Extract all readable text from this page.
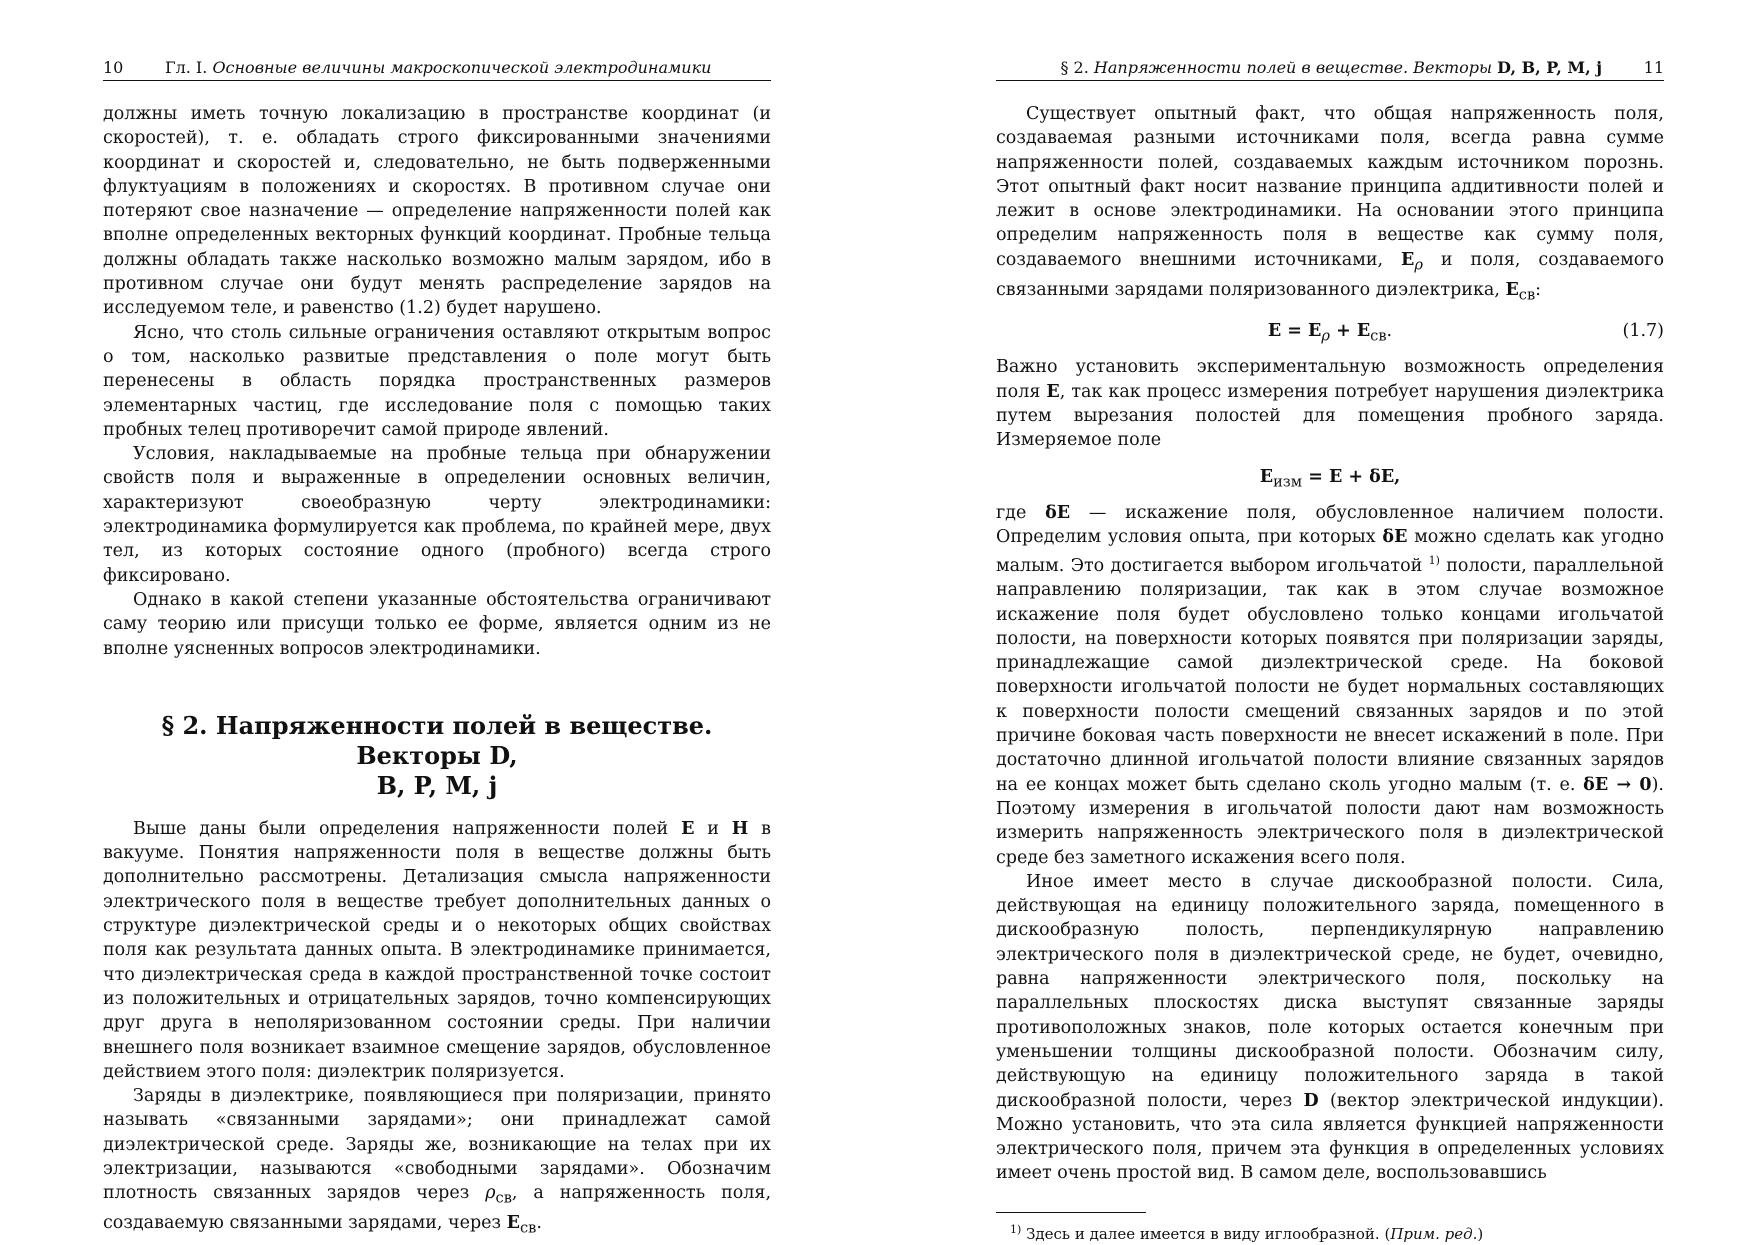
10	Гл. I. Основные величины макроскопической электродинамики

должны иметь точную локализацию в пространстве координат (и скоростей), т. е. обладать строго фиксированными значениями координат и скоростей и, следовательно, не быть подверженными флуктуациям в положениях и скоростях. В противном случае они потеряют свое назначение — определение напряженности полей как вполне определенных векторных функций координат. Пробные тельца должны обладать также насколько возможно малым зарядом, ибо в противном случае они будут менять распределение зарядов на исследуемом теле, и равенство (1.2) будет нарушено.

Ясно, что столь сильные ограничения оставляют открытым вопрос о том, насколько развитые представления о поле могут быть перенесены в область порядка пространственных размеров элементарных частиц, где исследование поля с помощью таких пробных телец противоречит самой природе явлений.

Условия, накладываемые на пробные тельца при обнаружении свойств поля и выраженные в определении основных величин, характеризуют своеобразную черту электродинамики: электродинамика формулируется как проблема, по крайней мере, двух тел, из которых состояние одного (пробного) всегда строго фиксировано.

Однако в какой степени указанные обстоятельства ограничивают саму теорию или присущи только ее форме, является одним из не вполне уясненных вопросов электродинамики.

§ 2. Напряженности полей в веществе. Векторы D,
B, P, M, j

Выше даны были определения напряженности полей E и H в вакууме. Понятия напряженности поля в веществе должны быть дополнительно рассмотрены. Детализация смысла напряженности электрического поля в веществе требует дополнительных данных о структуре диэлектрической среды и о некоторых общих свойствах поля как результата данных опыта. В электродинамике принимается, что диэлектрическая среда в каждой пространственной точке состоит из положительных и отрицательных зарядов, точно компенсирующих друг друга в неполяризованном состоянии среды. При наличии внешнего поля возникает взаимное смещение зарядов, обусловленное действием этого поля: диэлектрик поляризуется.

Заряды в диэлектрике, появляющиеся при поляризации, принято называть «связанными зарядами»; они принадлежат самой диэлектрической среде. Заряды же, возникающие на телах при их электризации, называются «свободными зарядами». Обозначим плотность связанных зарядов через $\rho_{св}$, а напряженность поля, создаваемую связанными зарядами, через $E_{св}$.

§ 2. Напряженности полей в веществе. Векторы D, B, P, M, j	11

Существует опытный факт, что общая напряженность поля, создаваемая разными источниками поля, всегда равна сумме напряженности полей, создаваемых каждым источником порознь. Этот опытный факт носит название принципа аддитивности полей и лежит в основе электродинамики. На основании этого принципа определим напряженность поля в веществе как сумму поля, создаваемого внешними источниками, $E_\rho$ и поля, создаваемого связанными зарядами поляризованного диэлектрика, $E_{св}$:

$E = E_\rho + E_{св}$.	(1.7)

Важно установить экспериментальную возможность определения поля E, так как процесс измерения потребует нарушения диэлектрика путем вырезания полостей для помещения пробного заряда. Измеряемое поле

$E_{изм} = E + \delta E$,

где δE — искажение поля, обусловленное наличием полости. Определим условия опыта, при которых δE можно сделать как угодно малым. Это достигается выбором игольчатой $^{1)}$ полости, параллельной направлению поляризации, так как в этом случае возможное искажение поля будет обусловлено только концами игольчатой полости, на поверхности которых появятся при поляризации заряды, принадлежащие самой диэлектрической среде. На боковой поверхности игольчатой полости не будет нормальных составляющих к поверхности полости смещений связанных зарядов и по этой причине боковая часть поверхности не внесет искажений в поле. При достаточно длинной игольчатой полости влияние связанных зарядов на ее концах может быть сделано сколь угодно малым (т. е. δE → 0). Поэтому измерения в игольчатой полости дают нам возможность измерить напряженность электрического поля в диэлектрической среде без заметного искажения всего поля.

Иное имеет место в случае дискообразной полости. Сила, действующая на единицу положительного заряда, помещенного в дискообразную полость, перпендикулярную направлению электрического поля в диэлектрической среде, не будет, очевидно, равна напряженности электрического поля, поскольку на параллельных плоскостях диска выступят связанные заряды противоположных знаков, поле которых остается конечным при уменьшении толщины дискообразной полости. Обозначим силу, действующую на единицу положительного заряда в такой дискообразной полости, через D (вектор электрической индукции). Можно установить, что эта сила является функцией напряженности электрического поля, причем эта функция в определенных условиях имеет очень простой вид. В самом деле, воспользовавшись

$^{1)}$ Здесь и далее имеется в виду иглообразной. (Прим. ред.)
